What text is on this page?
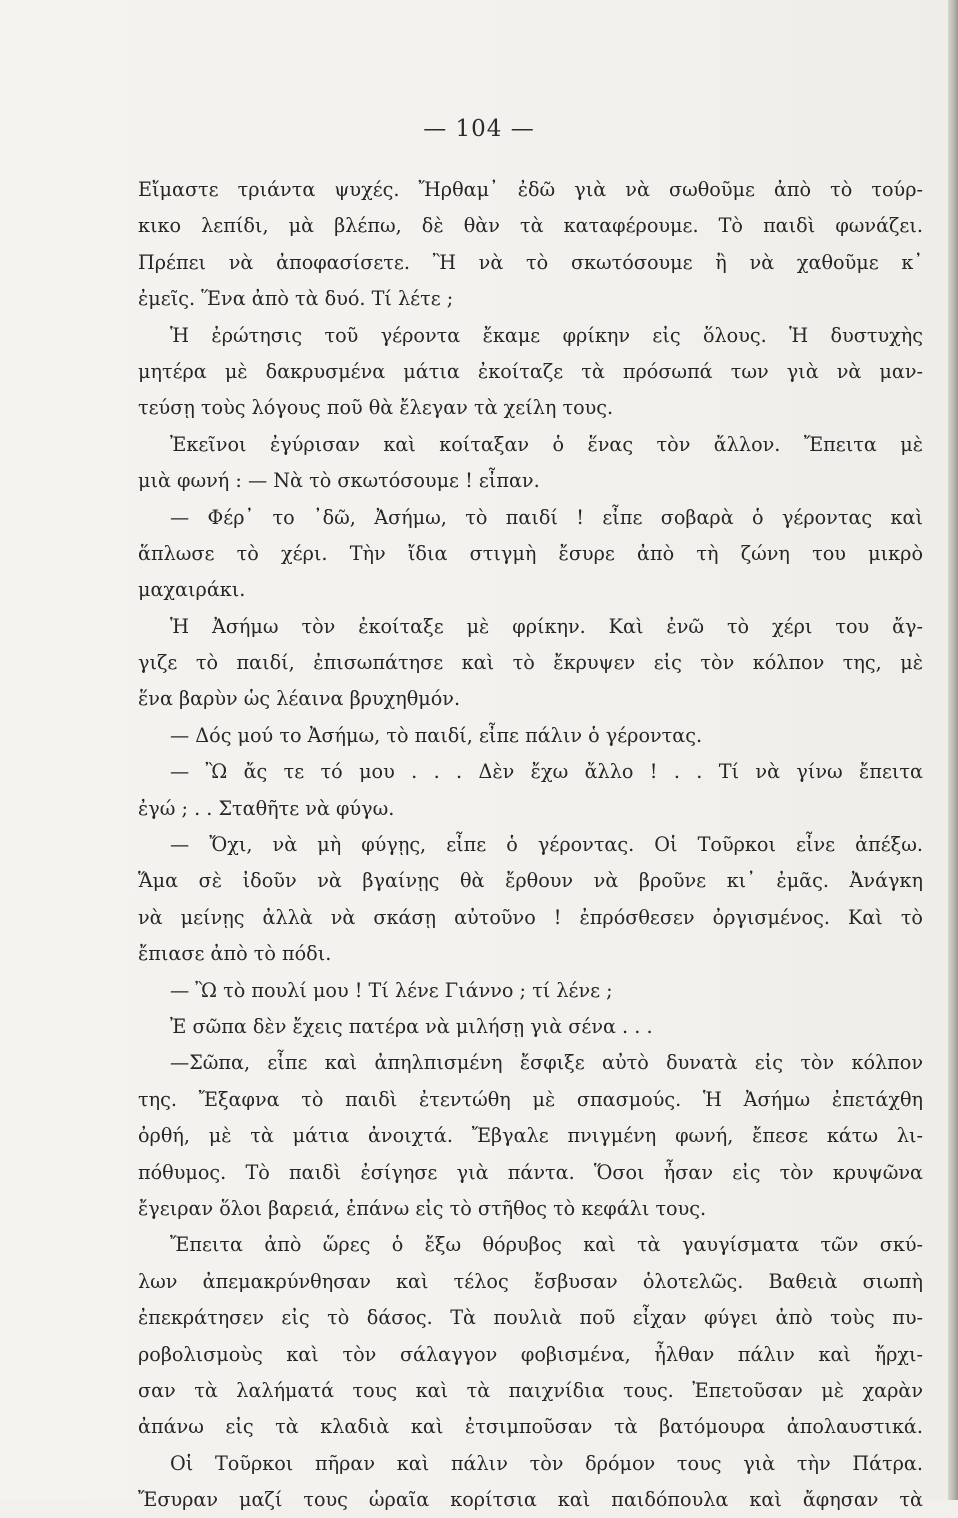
— 104 —
Εἴμαστε τριάντα ψυχές. Ἤρθαμ᾽ ἐδῶ γιὰ νὰ σωθοῦμε ἀπὸ τὸ τούρ-
κικο λεπίδι, μὰ βλέπω, δὲ θὰν τὰ καταφέρουμε. Τὸ παιδὶ φωνάζει.
Πρέπει νὰ ἀποφασίσετε. Ἢ νὰ τὸ σκωτόσουμε ἢ νὰ χαθοῦμε κ᾽
ἐμεῖς. Ἕνα ἀπὸ τὰ δυό. Τί λέτε ;
Ἡ ἐρώτησις τοῦ γέροντα ἔκαμε φρίκην εἰς ὅλους. Ἡ δυστυχὴς
μητέρα μὲ δακρυσμένα μάτια ἐκοίταζε τὰ πρόσωπά των γιὰ νὰ μαν-
τεύσῃ τοὺς λόγους ποῦ θὰ ἔλεγαν τὰ χείλη τους.
Ἐκεῖνοι ἐγύρισαν καὶ κοίταξαν ὁ ἕνας τὸν ἄλλον. Ἔπειτα μὲ
μιὰ φωνή : — Νὰ τὸ σκωτόσουμε ! εἶπαν.
— Φέρ᾽ το ᾽δῶ, Ἀσήμω, τὸ παιδί ! εἶπε σοβαρὰ ὁ γέροντας καὶ
ἅπλωσε τὸ χέρι. Τὴν ἴδια στιγμὴ ἔσυρε ἀπὸ τὴ ζώνη του μικρὸ
μαχαιράκι.
Ἡ Ἀσήμω τὸν ἐκοίταξε μὲ φρίκην. Καὶ ἐνῶ τὸ χέρι του ἄγ-
γιζε τὸ παιδί, ἐπισωπάτησε καὶ τὸ ἔκρυψεν εἰς τὸν κόλπον της, μὲ
ἕνα βαρὺν ὡς λέαινα βρυχηθμόν.
— Δός μού το Ἀσήμω, τὸ παιδί, εἶπε πάλιν ὁ γέροντας.
— Ὢ ἄς τε τό μου . . . Δὲν ἔχω ἄλλο ! . . Τί νὰ γίνω ἔπειτα
ἐγώ ; . . Σταθῆτε νὰ φύγω.
— Ὄχι, νὰ μὴ φύγῃς, εἶπε ὁ γέροντας. Οἱ Τοῦρκοι εἶνε ἀπέξω.
Ἅμα σὲ ἰδοῦν νὰ βγαίνῃς θὰ ἔρθουν νὰ βροῦνε κι᾽ ἐμᾶς. Ἀνάγκη
νὰ μείνῃς ἀλλὰ νὰ σκάσῃ αὐτοῦνο ! ἐπρόσθεσεν ὀργισμένος. Καὶ τὸ
ἔπιασε ἀπὸ τὸ πόδι.
— Ὢ τὸ πουλί μου ! Τί λένε Γιάννο ; τί λένε ;
Ἐ σῶπα δὲν ἔχεις πατέρα νὰ μιλήσῃ γιὰ σένα . . .
—Σῶπα, εἶπε καὶ ἀπηλπισμένη ἔσφιξε αὐτὸ δυνατὰ εἰς τὸν κόλπον
της. Ἔξαφνα τὸ παιδὶ ἐτεντώθη μὲ σπασμούς. Ἡ Ἀσήμω ἐπετάχθη
ὀρθή, μὲ τὰ μάτια ἀνοιχτά. Ἔβγαλε πνιγμένη φωνή, ἔπεσε κάτω λι-
πόθυμος. Τὸ παιδὶ ἐσίγησε γιὰ πάντα. Ὅσοι ἦσαν εἰς τὸν κρυψῶνα
ἔγειραν ὅλοι βαρειά, ἐπάνω εἰς τὸ στῆθος τὸ κεφάλι τους.
Ἔπειτα ἀπὸ ὥρες ὁ ἔξω θόρυβος καὶ τὰ γαυγίσματα τῶν σκύ-
λων ἀπεμακρύνθησαν καὶ τέλος ἔσβυσαν ὁλοτελῶς. Βαθειὰ σιωπὴ
ἐπεκράτησεν εἰς τὸ δάσος. Τὰ πουλιὰ ποῦ εἶχαν φύγει ἀπὸ τοὺς πυ-
ροβολισμοὺς καὶ τὸν σάλαγγον φοβισμένα, ἦλθαν πάλιν καὶ ἤρχι-
σαν τὰ λαλήματά τους καὶ τὰ παιχνίδια τους. Ἐπετοῦσαν μὲ χαρὰν
ἀπάνω εἰς τὰ κλαδιὰ καὶ ἐτσιμποῦσαν τὰ βατόμουρα ἀπολαυστικά.
Οἱ Τοῦρκοι πῆραν καὶ πάλιν τὸν δρόμον τους γιὰ τὴν Πάτρα.
Ἔσυραν μαζί τους ὡραῖα κορίτσια καὶ παιδόπουλα καὶ ἄφησαν τὰ
